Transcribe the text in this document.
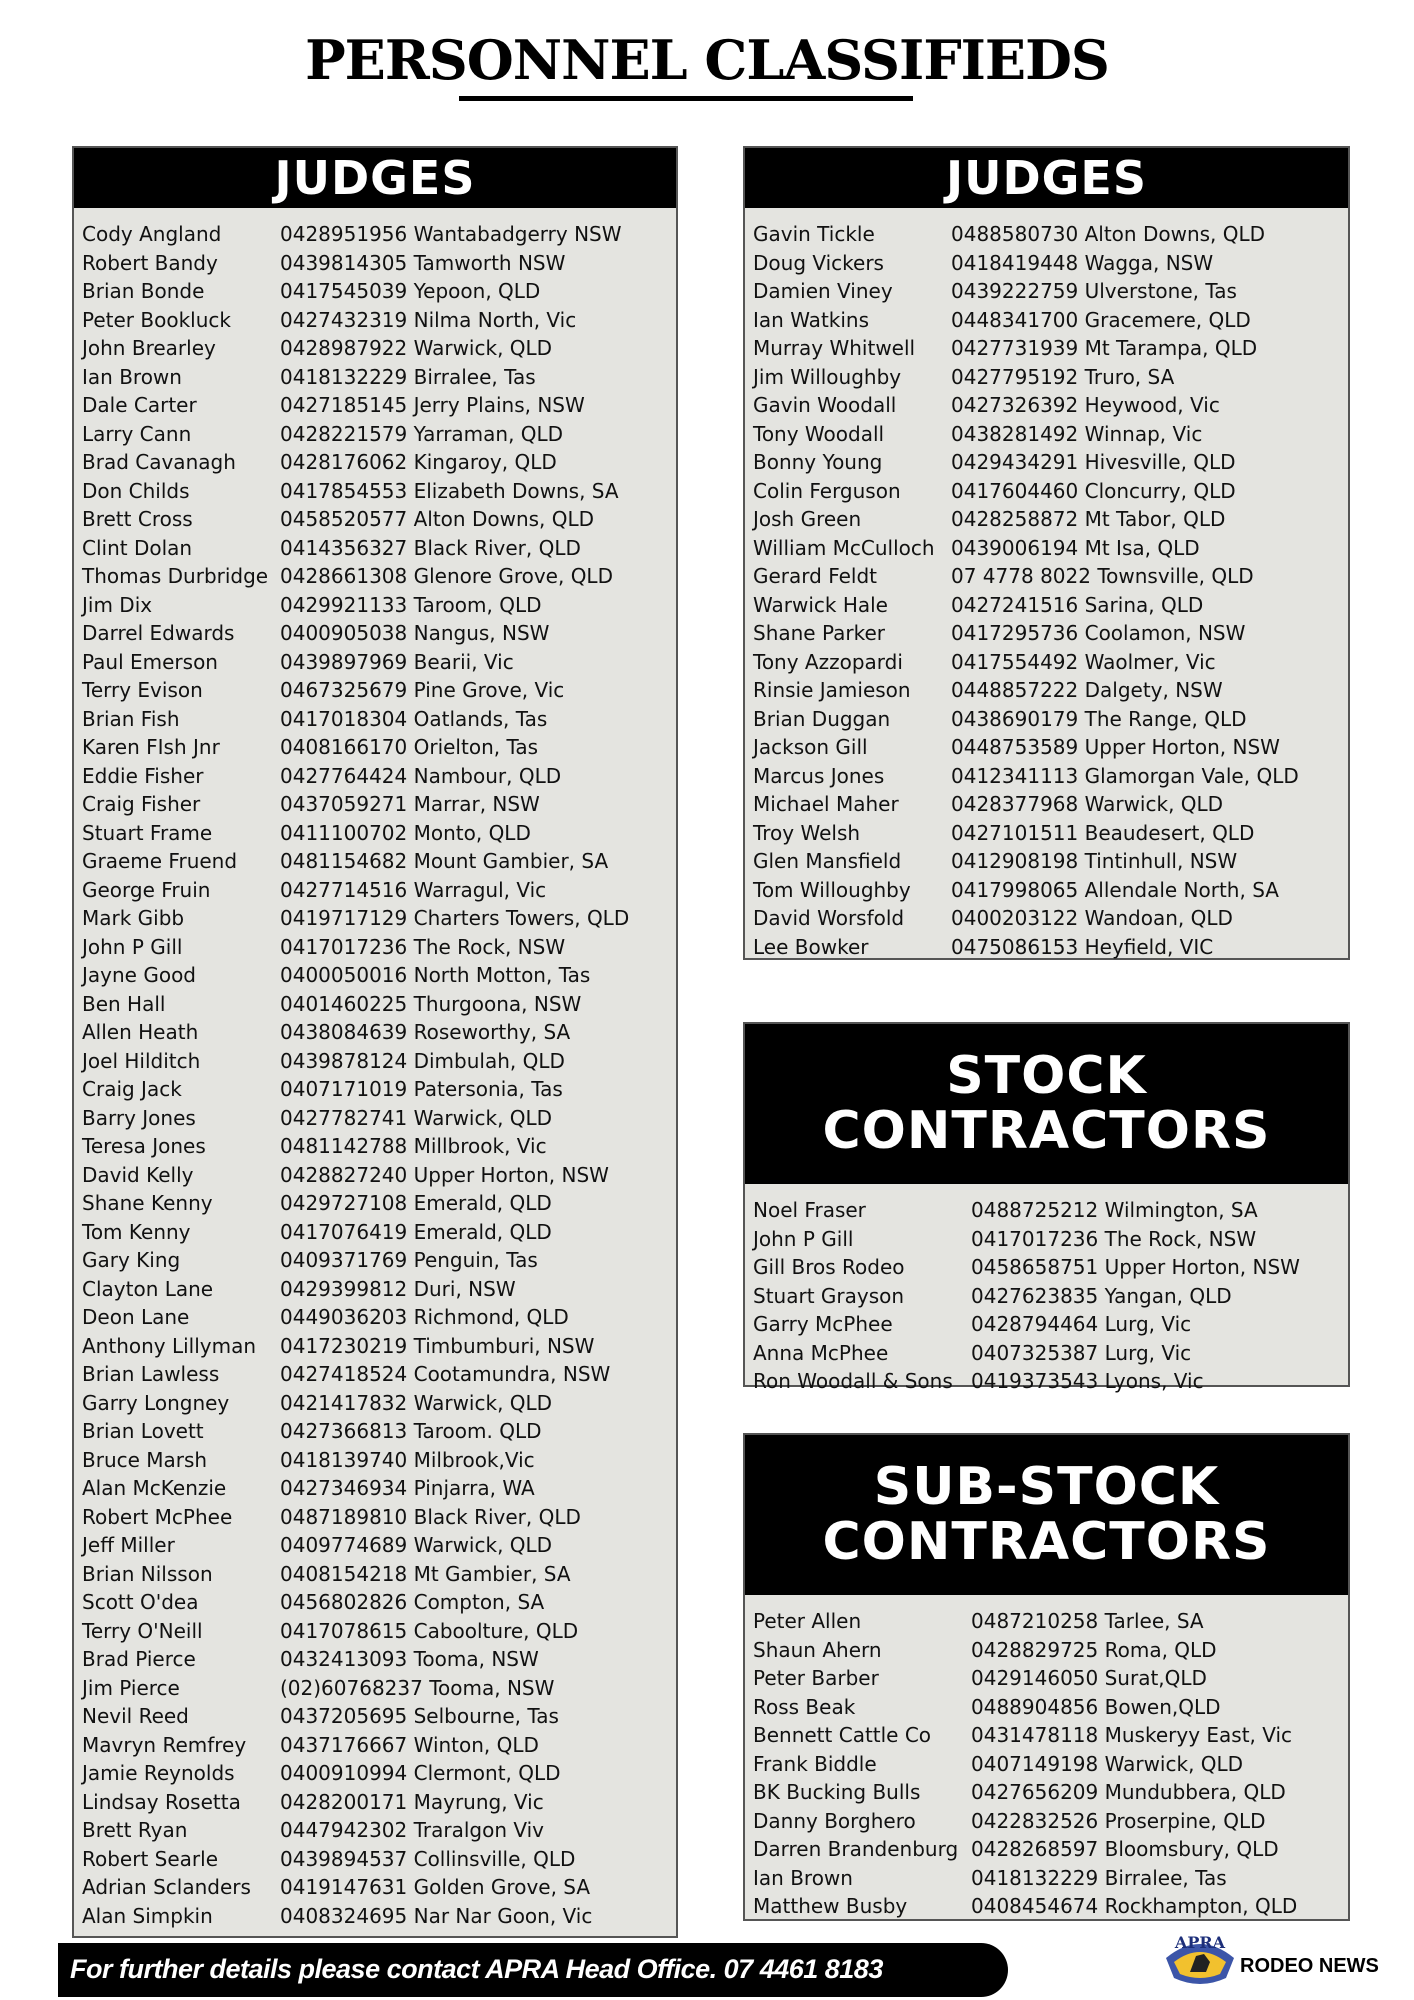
PERSONNEL CLASSIFIEDS
JUDGES
Cody Angland	0428951956 Wantabadgerry NSW
Robert Bandy	0439814305 Tamworth NSW
Brian Bonde	0417545039 Yepoon, QLD
Peter Bookluck	0427432319 Nilma North, Vic
John Brearley	0428987922 Warwick, QLD
Ian Brown	0418132229 Birralee, Tas
Dale Carter	0427185145 Jerry Plains, NSW
Larry Cann	0428221579 Yarraman, QLD
Brad Cavanagh	0428176062 Kingaroy, QLD
Don Childs	0417854553 Elizabeth Downs, SA
Brett Cross	0458520577 Alton Downs, QLD
Clint Dolan	0414356327 Black River, QLD
Thomas Durbridge 0428661308 Glenore Grove, QLD
Jim Dix	0429921133 Taroom, QLD
Darrel Edwards	0400905038 Nangus, NSW
Paul Emerson	0439897969 Bearii, Vic
Terry Evison	0467325679 Pine Grove, Vic
Brian Fish	0417018304 Oatlands, Tas
Karen FIsh Jnr	0408166170 Orielton, Tas
Eddie Fisher	0427764424 Nambour, QLD
Craig Fisher	0437059271 Marrar, NSW
Stuart Frame	0411100702 Monto, QLD
Graeme Fruend	0481154682 Mount Gambier, SA
George Fruin	0427714516 Warragul, Vic
Mark Gibb	0419717129 Charters Towers, QLD
John P Gill	0417017236 The Rock, NSW
Jayne Good	0400050016 North Motton, Tas
Ben Hall	0401460225 Thurgoona, NSW
Allen Heath	0438084639 Roseworthy, SA
Joel Hilditch	0439878124 Dimbulah, QLD
Craig Jack	0407171019 Patersonia, Tas
Barry Jones	0427782741 Warwick, QLD
Teresa Jones	0481142788 Millbrook, Vic
David Kelly	0428827240 Upper Horton, NSW
Shane Kenny	0429727108 Emerald, QLD
Tom Kenny	0417076419 Emerald, QLD
Gary King	0409371769 Penguin, Tas
Clayton Lane	0429399812 Duri, NSW
Deon Lane	0449036203 Richmond, QLD
Anthony Lillyman	0417230219 Timbumburi, NSW
Brian Lawless	0427418524 Cootamundra, NSW
Garry Longney	0421417832 Warwick, QLD
Brian Lovett	0427366813 Taroom. QLD
Bruce Marsh	0418139740 Milbrook,Vic
Alan McKenzie	0427346934 Pinjarra, WA
Robert McPhee	0487189810 Black River, QLD
Jeff Miller	0409774689 Warwick, QLD
Brian Nilsson	0408154218 Mt Gambier, SA
Scott O'dea	0456802826 Compton, SA
Terry O'Neill	0417078615 Caboolture, QLD
Brad Pierce	0432413093 Tooma, NSW
Jim Pierce	(02)60768237 Tooma, NSW
Nevil Reed	0437205695 Selbourne, Tas
Mavryn Remfrey	0437176667 Winton, QLD
Jamie Reynolds	0400910994 Clermont, QLD
Lindsay Rosetta	0428200171 Mayrung, Vic
Brett Ryan	0447942302 Traralgon Viv
Robert Searle	0439894537 Collinsville, QLD
Adrian Sclanders	0419147631 Golden Grove, SA
Alan Simpkin	0408324695 Nar Nar Goon, Vic
JUDGES
Gavin Tickle	0488580730 Alton Downs, QLD
Doug Vickers	0418419448 Wagga, NSW
Damien Viney	0439222759 Ulverstone, Tas
Ian Watkins	0448341700 Gracemere, QLD
Murray Whitwell	0427731939 Mt Tarampa, QLD
Jim Willoughby	0427795192 Truro, SA
Gavin Woodall	0427326392 Heywood, Vic
Tony Woodall	0438281492 Winnap, Vic
Bonny Young	0429434291 Hivesville, QLD
Colin Ferguson	0417604460 Cloncurry, QLD
Josh Green	0428258872 Mt Tabor, QLD
William McCulloch 0439006194 Mt Isa, QLD
Gerard Feldt	07 4778 8022 Townsville, QLD
Warwick Hale	0427241516 Sarina, QLD
Shane Parker	0417295736 Coolamon, NSW
Tony Azzopardi	0417554492 Waolmer, Vic
Rinsie Jamieson	0448857222 Dalgety, NSW
Brian Duggan	0438690179 The Range, QLD
Jackson Gill	0448753589 Upper Horton, NSW
Marcus Jones	0412341113 Glamorgan Vale, QLD
Michael Maher	0428377968 Warwick, QLD
Troy Welsh	0427101511 Beaudesert, QLD
Glen Mansfield	0412908198 Tintinhull, NSW
Tom Willoughby	0417998065 Allendale North, SA
David Worsfold	0400203122 Wandoan, QLD
Lee Bowker	0475086153 Heyfield, VIC
STOCK
CONTRACTORS
Noel Fraser	0488725212 Wilmington, SA
John P Gill	0417017236 The Rock, NSW
Gill Bros Rodeo	0458658751 Upper Horton, NSW
Stuart Grayson	0427623835 Yangan, QLD
Garry McPhee	0428794464 Lurg, Vic
Anna McPhee	0407325387 Lurg, Vic
Ron Woodall & Sons 0419373543 Lyons, Vic
SUB-STOCK
CONTRACTORS
Peter Allen	0487210258 Tarlee, SA
Shaun Ahern	0428829725 Roma, QLD
Peter Barber	0429146050 Surat,QLD
Ross Beak	0488904856 Bowen,QLD
Bennett Cattle Co	0431478118 Muskeryy East, Vic
Frank Biddle	0407149198 Warwick, QLD
BK Bucking Bulls	0427656209 Mundubbera, QLD
Danny Borghero	0422832526 Proserpine, QLD
Darren Brandenburg 0428268597 Bloomsbury, QLD
Ian Brown	0418132229 Birralee, Tas
Matthew Busby	0408454674 Rockhampton, QLD
For further details please contact APRA Head Office. 07 4461 8183
APRA
RODEO NEWS
